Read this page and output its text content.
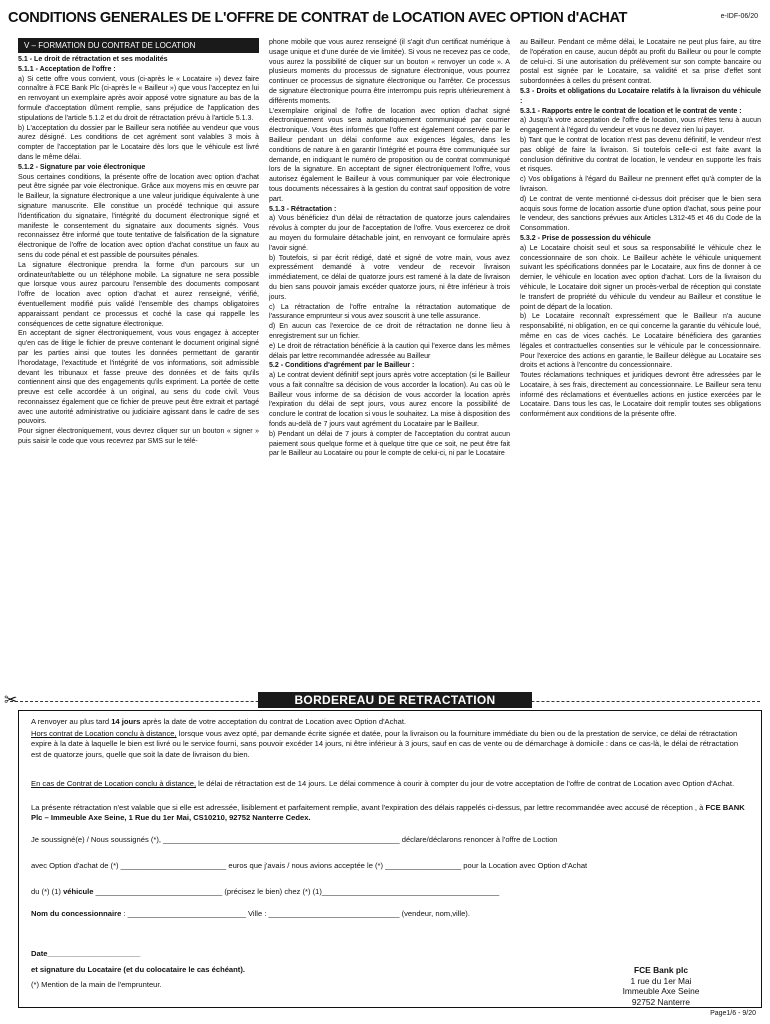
CONDITIONS GENERALES DE L'OFFRE DE CONTRAT de LOCATION AVEC OPTION d'ACHAT	e-IDF-06/20
V – FORMATION DU CONTRAT DE LOCATION
5.1 - Le droit de rétractation et ses modalités
5.1.1 - Acceptation de l'offre :

a) Si cette offre vous convient, vous (ci-après le « Locataire ») devez faire connaître à FCE Bank Plc (ci-après le « Bailleur ») que vous l'acceptez en lui en renvoyant un exemplaire après avoir apposé votre signature au bas de la formule d'acceptation dûment remplie, sans préjudice de l'application des stipulations de l'article 5.1.2 et du droit de rétractation prévu à l'article 5.1.3.

b) L'acceptation du dossier par le Bailleur sera notifiée au vendeur que vous aurez désigné. Les conditions de cet agrément sont valables 3 mois à compter de l'acceptation par le Locataire dès lors que le véhicule est livré dans le même délai.

5.1.2 - Signature par voie électronique

Sous certaines conditions, la présente offre de location avec option d'achat peut être signée par voie électronique. Grâce aux moyens mis en œuvre par le Bailleur, la signature électronique a une valeur juridique équivalente à une signature manuscrite. Elle constitue un procédé technique qui assure l'identification du signataire, l'intégrité du document électronique signé et manifeste le consentement du signataire aux documents signés. Vous reconnaissez être informé que toute tentative de falsification de la signature électronique de l'offre de location avec option d'achat constitue un faux au sens du code pénal et est passible de poursuites pénales.

La signature électronique prendra la forme d'un parcours sur un ordinateur/tablette ou un téléphone mobile. La signature ne sera possible que lorsque vous aurez parcouru l'ensemble des documents composant l'offre de location avec option d'achat et aurez renseigné, vérifié, éventuellement modifié puis validé l'ensemble des champs obligatoires apparaissant pendant ce processus et coché la case qui rappelle les conséquences de cette signature électronique.

En acceptant de signer électroniquement, vous vous engagez à accepter qu'en cas de litige le fichier de preuve contenant le document original signé par les parties ainsi que toutes les données permettant de garantir l'horodatage, l'exactitude et l'intégrité de vos informations, soit admissible devant les tribunaux et fasse preuve des données et de faits qu'ils contiennent ainsi que des engagements qu'ils expriment. La portée de cette preuve est celle accordée à un original, au sens du code civil. Vous reconnaissez également que ce fichier de preuve peut être extrait et partagé avec une autorité administrative ou judiciaire agissant dans le cadre de ses pouvoirs.

Pour signer électroniquement, vous devrez cliquer sur un bouton « signer » puis saisir le code que vous recevrez par SMS sur le télé-

phone mobile que vous aurez renseigné (il s'agit d'un certificat numérique à usage unique et d'une durée de vie limitée). Si vous ne recevez pas ce code, vous aurez la possibilité de cliquer sur un bouton « renvoyer un code ». A plusieurs moments du processus de signature électronique, vous pourrez continuer ce processus de signature électronique ou l'arrêter. Ce processus de signature électronique pourra être interrompu puis repris ultérieurement à différents moments.

L'exemplaire original de l'offre de location avec option d'achat signé électroniquement vous sera automatiquement communiqué par courrier électronique. Vous êtes informés que l'offre est également conservée par le Bailleur pendant un délai conforme aux exigences légales, dans les conditions de nature à en garantir l'intégrité et pourra être communiquée sur demande, en indiquant le numéro de proposition ou de contrat communiqué lors de la signature. En acceptant de signer électroniquement l'offre, vous autorisez également le Bailleur à vous communiquer par voie électronique tous documents nécessaires à la gestion du contrat sauf opposition de votre part.

5.1.3 - Rétractation :

a) Vous bénéficiez d'un délai de rétractation de quatorze jours calendaires révolus à compter du jour de l'acceptation de l'offre. Vous exercerez ce droit au moyen du formulaire détachable joint, en renvoyant ce formulaire après l'avoir signé.

b) Toutefois, si par écrit rédigé, daté et signé de votre main, vous avez expressément demandé à votre vendeur de recevoir livraison immédiatement, ce délai de quatorze jours est ramené à la date de livraison du bien sans pouvoir jamais excéder quatorze jours, ni être inférieur à trois jours.

c) La rétractation de l'offre entraîne la rétractation automatique de l'assurance emprunteur si vous avez souscrit à une telle assurance.

d) En aucun cas l'exercice de ce droit de rétractation ne donne lieu à enregistrement sur un fichier.

e) Le droit de rétractation bénéficie à la caution qui l'exerce dans les mêmes délais par lettre recommandée adressée au Bailleur

5.2 - Conditions d'agrément par le Bailleur :

a) Le contrat devient définitif sept jours après votre acceptation (si le Bailleur vous a fait connaître sa décision de vous accorder la location). Au cas où le Bailleur vous informe de sa décision de vous accorder la location après l'expiration du délai de sept jours, vous aurez encore la possibilité de conclure le contrat de location si vous le souhaitez. La mise à disposition des fonds au-delà de 7 jours vaut agrément du Locataire par le Bailleur.

b) Pendant un délai de 7 jours à compter de l'acceptation du contrat aucun paiement sous quelque forme et à quelque titre que ce soit, ne peut être fait par le Bailleur au Locataire ou pour le compte de celui-ci, ni par le Locataire

au Bailleur. Pendant ce même délai, le Locataire ne peut plus faire, au titre de l'opération en cause, aucun dépôt au profit du Bailleur ou pour le compte de celui-ci. Si une autorisation du prélèvement sur son compte bancaire ou postal est signée par le Locataire, sa validité et sa prise d'effet sont subordonnées à celles du présent contrat.

5.3 - Droits et obligations du Locataire relatifs à la livraison du véhicule :
5.3.1 - Rapports entre le contrat de location et le contrat de vente :

a) Jusqu'à votre acceptation de l'offre de location, vous n'êtes tenu à aucun engagement à l'égard du vendeur et vous ne devez rien lui payer.

b) Tant que le contrat de location n'est pas devenu définitif, le vendeur n'est pas obligé de faire la livraison. Si toutefois celle-ci est faite avant la conclusion définitive du contrat de location, le vendeur en supporte les frais et risques.

c) Vos obligations à l'égard du Bailleur ne prennent effet qu'à compter de la livraison.

d) Le contrat de vente mentionné ci-dessus doit préciser que le bien sera acquis sous forme de location assortie d'une option d'achat, sous peine pour le vendeur, des sanctions prévues aux Articles L312-45 et 46 du Code de la Consommation.

5.3.2 - Prise de possession du véhicule

a) Le Locataire choisit seul et sous sa responsabilité le véhicule chez le concessionnaire de son choix. Le Bailleur achète le véhicule uniquement suivant les spécifications données par le Locataire, aux fins de donner à ce dernier, le véhicule en location avec option d'achat. Lors de la livraison du véhicule, le Locataire doit signer un procès-verbal de réception qui constate le transfert de propriété du véhicule du vendeur au Bailleur et constitue le point de départ de la location.

b) Le Locataire reconnaît expressément que le Bailleur n'a aucune responsabilité, ni obligation, en ce qui concerne la garantie du véhicule loué, même en cas de vices cachés. Le Locataire bénéficiera des garanties légales et contractuelles consenties sur le véhicule par le concessionnaire. Pour l'exercice des actions en garantie, le Bailleur délègue au Locataire ses droits et actions à l'encontre du concessionnaire.

Toutes réclamations techniques et juridiques devront être adressées par le Locataire, à ses frais, directement au concessionnaire. Le Bailleur sera tenu informé des réclamations et éventuelles actions en justice exercées par le Locataire. Dans tous les cas, le Locataire doit remplir toutes ses obligations conformément aux conditions de la présente offre.

✂	BORDEREAU DE RETRACTATION
A renvoyer au plus tard 14 jours après la date de votre acceptation du contrat de Location avec Option d'Achat.
Hors contrat de Location conclu à distance, lorsque vous avez opté, par demande écrite signée et datée, pour la livraison ou la fourniture immédiate du bien ou de la prestation de service, ce délai de rétractation expire à la date à laquelle le bien est livré ou le service fourni, sans pouvoir excéder 14 jours, ni être inférieur à 3 jours, sauf en cas de vente ou de démarchage à domicile : dans ce cas-là, le délai de rétractation est de quatorze jours, quelle que soit la date de livraison du bien.
En cas de Contrat de Location conclu à distance, le délai de rétractation est de 14 jours. Le délai commence à courir à compter du jour de votre acceptation de l'offre de contrat de Location avec Option d'Achat.
La présente rétractation n'est valable que si elle est adressée, lisiblement et parfaitement remplie, avant l'expiration des délais rappelés ci-dessus, par lettre recommandée avec accusé de réception , à FCE BANK Plc – Immeuble Axe Seine, 1 Rue du 1er Mai, CS10210, 92752 Nanterre Cedex.
Je soussigné(e) / Nous soussignés (*), ________________________________________________________ déclare/déclarons renoncer à l'offre de Loction
avec Option d'achat de (*) _________________________ euros que j'avais / nous avions acceptée le (*) __________________ pour la Location avec Option d'Achat
du (*) (1) véhicule ______________________________ (précisez le bien) chez (*) (1)__________________________________________
Nom du concessionnaire : ____________________________ Ville : _______________________________ (vendeur, nom,ville).
Date______________________
et signature du Locataire (et du colocataire le cas échéant).
(*) Mention de la main de l'emprunteur.
FCE Bank plc
1 rue du 1er Mai
Immeuble Axe Seine
92752 Nanterre
Page1/6 - 9/20
